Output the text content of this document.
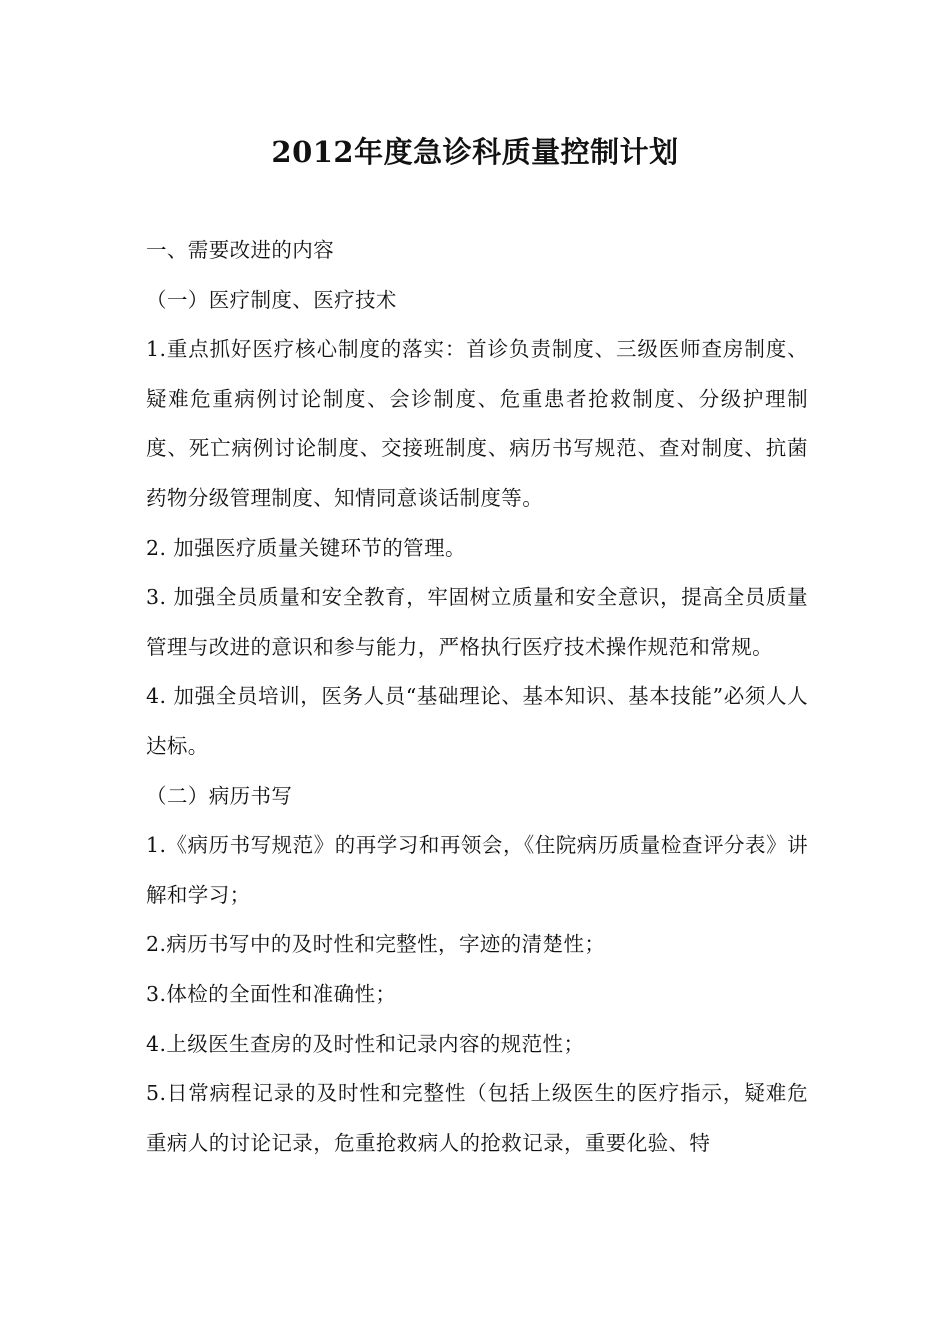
2012年度急诊科质量控制计划

一、需要改进的内容

（一）医疗制度、医疗技术

1.重点抓好医疗核心制度的落实：首诊负责制度、三级医师查房制度、疑难危重病例讨论制度、会诊制度、危重患者抢救制度、分级护理制度、死亡病例讨论制度、交接班制度、病历书写规范、查对制度、抗菌药物分级管理制度、知情同意谈话制度等。

2. 加强医疗质量关键环节的管理。

3. 加强全员质量和安全教育，牢固树立质量和安全意识，提高全员质量管理与改进的意识和参与能力，严格执行医疗技术操作规范和常规。

4. 加强全员培训，医务人员“基础理论、基本知识、基本技能”必须人人达标。

（二）病历书写

1.《病历书写规范》的再学习和再领会，《住院病历质量检查评分表》讲解和学习；

2.病历书写中的及时性和完整性，字迹的清楚性；

3.体检的全面性和准确性；

4.上级医生查房的及时性和记录内容的规范性；

5.日常病程记录的及时性和完整性（包括上级医生的医疗指示，疑难危重病人的讨论记录，危重抢救病人的抢救记录，重要化验、特
